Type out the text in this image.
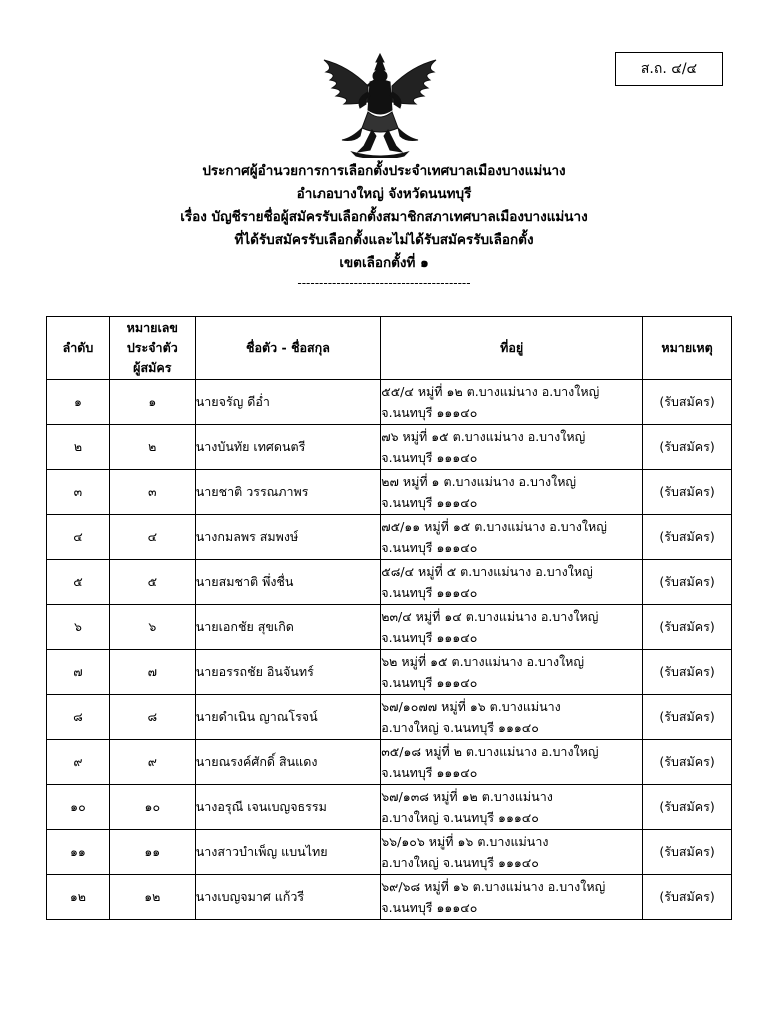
ส.ถ. ๔/๔
ประกาศผู้อำนวยการการเลือกตั้งประจำเทศบาลเมืองบางแม่นาง
อำเภอบางใหญ่ จังหวัดนนทบุรี
เรื่อง บัญชีรายชื่อผู้สมัครรับเลือกตั้งสมาชิกสภาเทศบาลเมืองบางแม่นาง
ที่ได้รับสมัครรับเลือกตั้งและไม่ได้รับสมัครรับเลือกตั้ง
เขตเลือกตั้งที่ ๑
----------------------------------------
ลำดับ	หมายเลข
ประจำตัว
ผู้สมัคร	ชื่อตัว - ชื่อสกุล	ที่อยู่	หมายเหตุ
๑	๑	นายจรัญ ดีอ่ำ	๕๕/๔ หมู่ที่ ๑๒ ต.บางแม่นาง อ.บางใหญ่
จ.นนทบุรี ๑๑๑๔๐	(รับสมัคร)
๒	๒	นางบันทัย เทศดนตรี	๗๖ หมู่ที่ ๑๕ ต.บางแม่นาง อ.บางใหญ่
จ.นนทบุรี ๑๑๑๔๐	(รับสมัคร)
๓	๓	นายชาติ วรรณภาพร	๒๗ หมู่ที่ ๑ ต.บางแม่นาง อ.บางใหญ่
จ.นนทบุรี ๑๑๑๔๐	(รับสมัคร)
๔	๔	นางกมลพร สมพงษ์	๗๕/๑๑ หมู่ที่ ๑๕ ต.บางแม่นาง อ.บางใหญ่
จ.นนทบุรี ๑๑๑๔๐	(รับสมัคร)
๕	๕	นายสมชาติ พึ่งชื่น	๕๘/๔ หมู่ที่ ๕ ต.บางแม่นาง อ.บางใหญ่
จ.นนทบุรี ๑๑๑๔๐	(รับสมัคร)
๖	๖	นายเอกชัย สุขเกิด	๒๓/๔ หมู่ที่ ๑๔ ต.บางแม่นาง อ.บางใหญ่
จ.นนทบุรี ๑๑๑๔๐	(รับสมัคร)
๗	๗	นายอรรถชัย อินจันทร์	๖๒ หมู่ที่ ๑๕ ต.บางแม่นาง อ.บางใหญ่
จ.นนทบุรี ๑๑๑๔๐	(รับสมัคร)
๘	๘	นายดำเนิน ญาณโรจน์	๖๗/๑๐๗๗ หมู่ที่ ๑๖ ต.บางแม่นาง
อ.บางใหญ่ จ.นนทบุรี ๑๑๑๔๐	(รับสมัคร)
๙	๙	นายณรงค์ศักดิ์ สินแดง	๓๕/๑๘ หมู่ที่ ๒ ต.บางแม่นาง อ.บางใหญ่
จ.นนทบุรี ๑๑๑๔๐	(รับสมัคร)
๑๐	๑๐	นางอรุณี เจนเบญจธรรม	๖๗/๑๓๘ หมู่ที่ ๑๒ ต.บางแม่นาง
อ.บางใหญ่ จ.นนทบุรี ๑๑๑๔๐	(รับสมัคร)
๑๑	๑๑	นางสาวบำเพ็ญ แบนไทย	๖๖/๑๐๖ หมู่ที่ ๑๖ ต.บางแม่นาง
อ.บางใหญ่ จ.นนทบุรี ๑๑๑๔๐	(รับสมัคร)
๑๒	๑๒	นางเบญจมาศ แก้วรี	๖๙/๖๘ หมู่ที่ ๑๖ ต.บางแม่นาง อ.บางใหญ่
จ.นนทบุรี ๑๑๑๔๐	(รับสมัคร)
